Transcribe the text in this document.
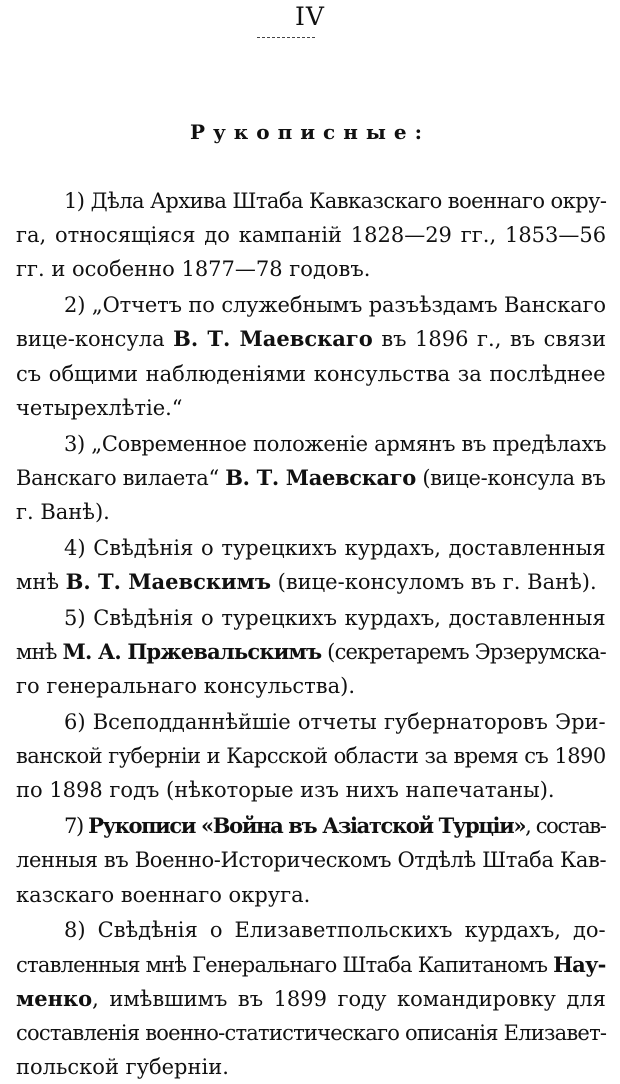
IV
Рукописные:
1) Дѣла Архива Штаба Кавказскаго военнаго окру-
га, относящіяся до кампаній 1828—29 гг., 1853—56
гг. и особенно 1877—78 годовъ.
2) „Отчетъ по служебнымъ разъѣздамъ Ванскаго
вице-консула В. Т. Маевскаго въ 1896 г., въ связи
съ общими наблюденіями консульства за послѣднее
четырехлѣтіе.“
3) „Современное положеніе армянъ въ предѣлахъ
Ванскаго вилаета“ В. Т. Маевскаго (вице-консула въ
г. Ванѣ).
4) Свѣдѣнія о турецкихъ курдахъ, доставленныя
мнѣ В. Т. Маевскимъ (вице-консуломъ въ г. Ванѣ).
5) Свѣдѣнія о турецкихъ курдахъ, доставленныя
мнѣ М. А. Пржевальскимъ (секретаремъ Эрзерумска-
го генеральнаго консульства).
6) Всеподданнѣйшіе отчеты губернаторовъ Эри-
ванской губерніи и Карсской области за время съ 1890
по 1898 годъ (нѣкоторые изъ нихъ напечатаны).
7) Рукописи «Война въ Азіатской Турціи», состав-
ленныя въ Военно-Историческомъ Отдѣлѣ Штаба Кав-
казскаго военнаго округа.
8) Свѣдѣнія о Елизаветпольскихъ курдахъ, до-
ставленныя мнѣ Генеральнаго Штаба Капитаномъ Нау-
менко, имѣвшимъ въ 1899 году командировку для
составленія военно-статистическаго описанія Елизавет-
польской губерніи.
